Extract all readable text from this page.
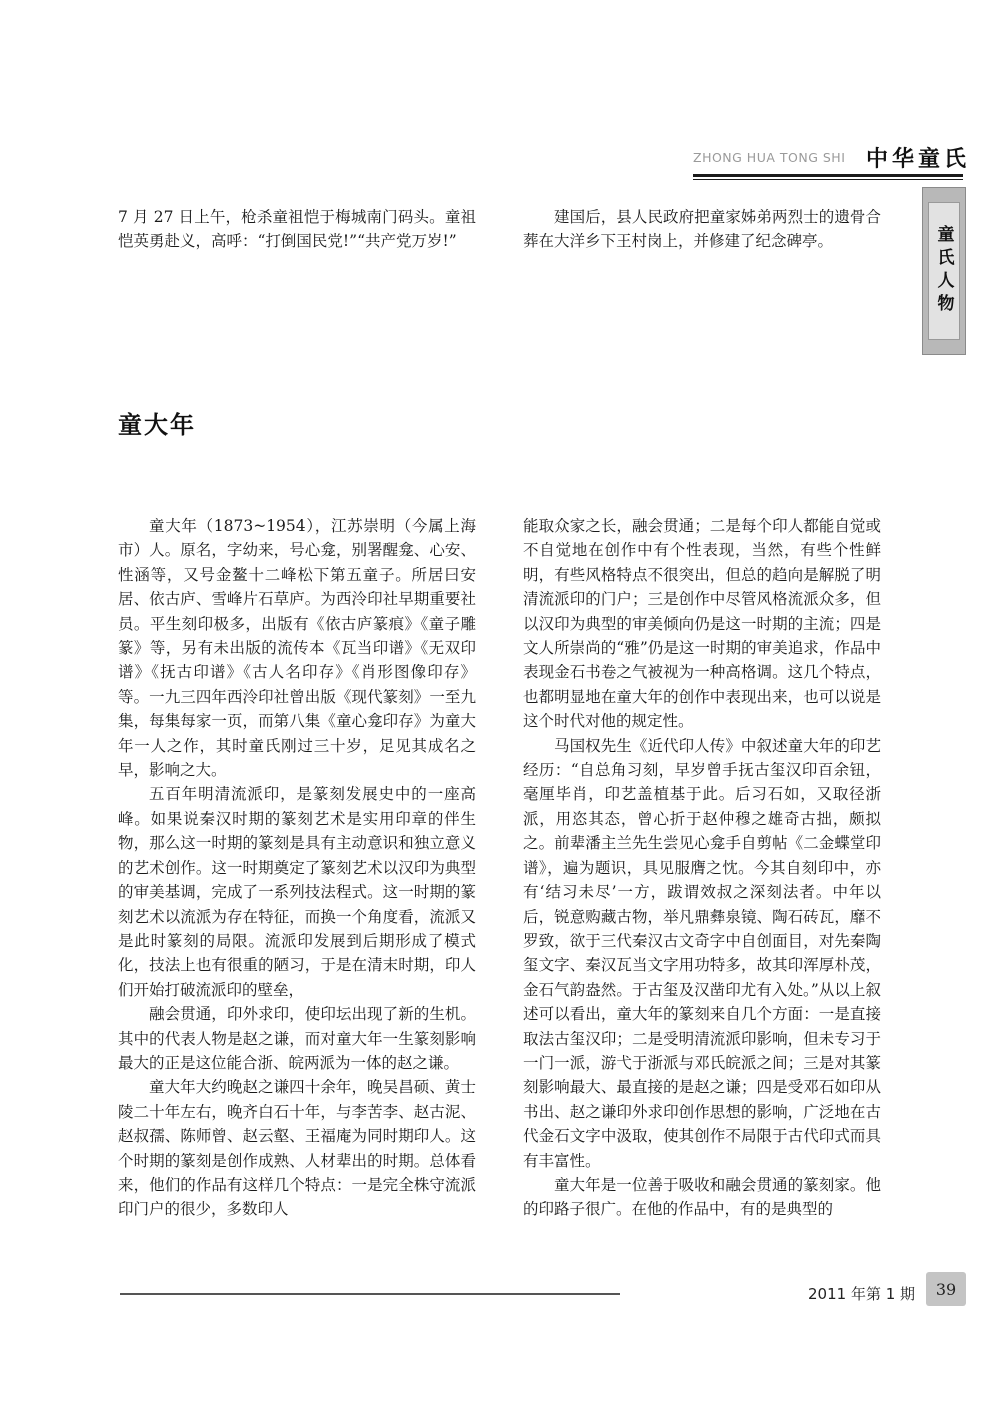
ZHONG HUA TONG SHI 中华童氏
童氏人物

7 月 27 日上午，枪杀童祖恺于梅城南门码头。童祖恺英勇赴义，高呼：“打倒国民党!”“共产党万岁!”

建国后，县人民政府把童家姊弟两烈士的遗骨合葬在大洋乡下王村岗上，并修建了纪念碑亭。

童大年

童大年（1873~1954），江苏崇明（今属上海市）人。原名，字幼来，号心龛，别署醒龛、心安、性涵等，又号金鳌十二峰松下第五童子。所居曰安居、依古庐、雪峰片石草庐。为西泠印社早期重要社员。平生刻印极多，出版有《依古庐篆痕》《童子雕篆》等，另有未出版的流传本《瓦当印谱》《无双印谱》《抚古印谱》《古人名印存》《肖形图像印存》等。一九三四年西泠印社曾出版《现代篆刻》一至九集，每集每家一页，而第八集《童心龛印存》为童大年一人之作，其时童氏刚过三十岁，足见其成名之早，影响之大。

五百年明清流派印，是篆刻发展史中的一座高峰。如果说秦汉时期的篆刻艺术是实用印章的伴生物，那么这一时期的篆刻是具有主动意识和独立意义的艺术创作。这一时期奠定了篆刻艺术以汉印为典型的审美基调，完成了一系列技法程式。这一时期的篆刻艺术以流派为存在特征，而换一个角度看，流派又是此时篆刻的局限。流派印发展到后期形成了模式化，技法上也有很重的陋习，于是在清末时期，印人们开始打破流派印的壁垒，

融会贯通，印外求印，使印坛出现了新的生机。其中的代表人物是赵之谦，而对童大年一生篆刻影响最大的正是这位能合浙、皖两派为一体的赵之谦。

童大年大约晚赵之谦四十余年，晚吴昌硕、黄士陵二十年左右，晚齐白石十年，与李苦李、赵古泥、赵叔孺、陈师曾、赵云壑、王福庵为同时期印人。这个时期的篆刻是创作成熟、人材辈出的时期。总体看来，他们的作品有这样几个特点：一是完全株守流派印门户的很少，多数印人

能取众家之长，融会贯通；二是每个印人都能自觉或不自觉地在创作中有个性表现，当然，有些个性鲜明，有些风格特点不很突出，但总的趋向是解脱了明清流派印的门户；三是创作中尽管风格流派众多，但以汉印为典型的审美倾向仍是这一时期的主流；四是文人所崇尚的“雅”仍是这一时期的审美追求，作品中表现金石书卷之气被视为一种高格调。这几个特点，也都明显地在童大年的创作中表现出来，也可以说是这个时代对他的规定性。

马国权先生《近代印人传》中叙述童大年的印艺经历：“自总角习刻，早岁曾手抚古玺汉印百余钮，毫厘毕肖，印艺盖植基于此。后习石如，又取径浙派，用恣其态，曾心折于赵仲穆之雄奇古拙，颇拟之。前辈潘主兰先生尝见心龛手自剪帖《二金蝶堂印谱》，遍为题识，具见服膺之忱。今其自刻印中，亦有‘结习未尽’一方，跋谓效叔之深刻法者。中年以后，锐意购藏古物，举凡鼎彝泉镜、陶石砖瓦，靡不罗致，欲于三代秦汉古文奇字中自创面目，对先秦陶玺文字、秦汉瓦当文字用功特多，故其印浑厚朴茂，金石气韵盎然。于古玺及汉凿印尤有入处。”从以上叙述可以看出，童大年的篆刻来自几个方面：一是直接取法古玺汉印；二是受明清流派印影响，但未专习于一门一派，游弋于浙派与邓氏皖派之间；三是对其篆刻影响最大、最直接的是赵之谦；四是受邓石如印从书出、赵之谦印外求印创作思想的影响，广泛地在古代金石文字中汲取，使其创作不局限于古代印式而具有丰富性。

童大年是一位善于吸收和融会贯通的篆刻家。他的印路子很广。在他的作品中，有的是典型的

2011 年第 1 期 39
